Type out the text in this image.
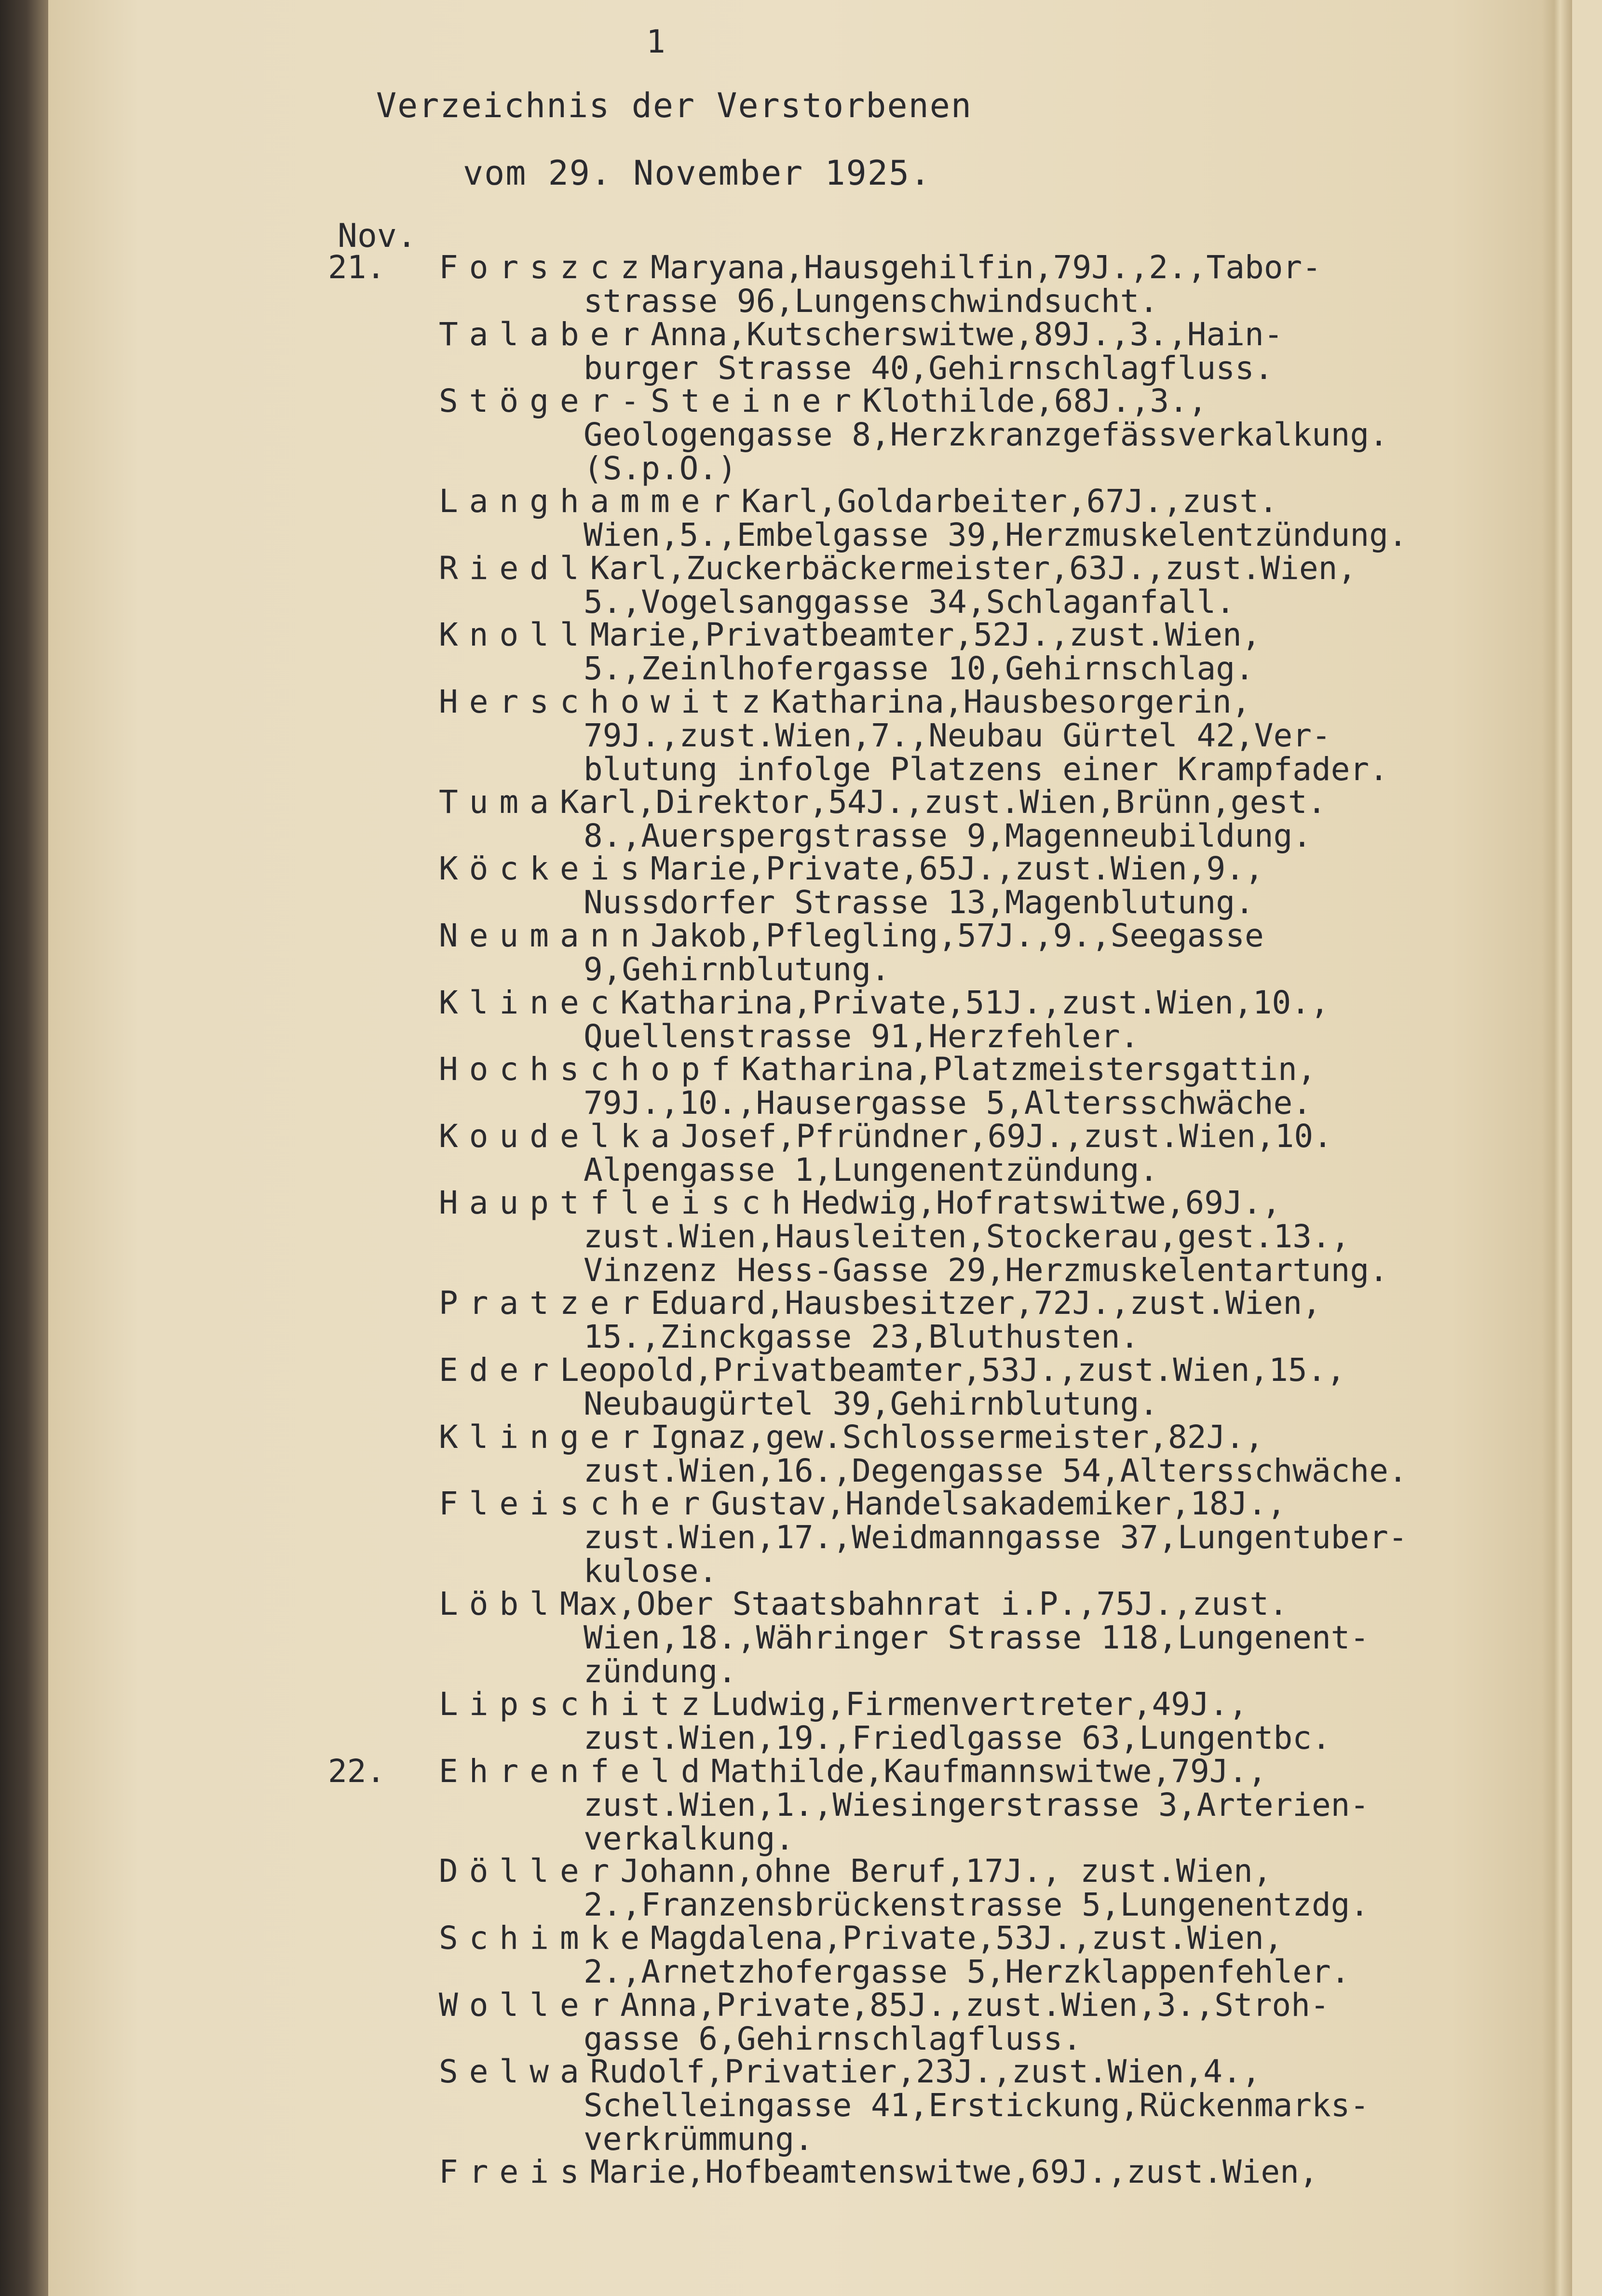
1
Verzeichnis der Verstorbenen
vom 29. November 1925.
Nov.
21.	ForszczMaryana,Hausgehilfin,79J.,2.,Tabor-
strasse 96,Lungenschwindsucht.
TalaberAnna,Kutscherswitwe,89J.,3.,Hain-
burger Strasse 40,Gehirnschlagfluss.
Stöger-SteinerKlothilde,68J.,3.,
Geologengasse 8,Herzkranzgefässverkalkung.
(S.p.O.)
LanghammerKarl,Goldarbeiter,67J.,zust.
Wien,5.,Embelgasse 39,Herzmuskelentzündung.
RiedlKarl,Zuckerbäckermeister,63J.,zust.Wien,
5.,Vogelsanggasse 34,Schlaganfall.
KnollMarie,Privatbeamter,52J.,zust.Wien,
5.,Zeinlhofergasse 10,Gehirnschlag.
HerschowitzKatharina,Hausbesorgerin,
79J.,zust.Wien,7.,Neubau Gürtel 42,Ver-
blutung infolge Platzens einer Krampfader.
TumaKarl,Direktor,54J.,zust.Wien,Brünn,gest.
8.,Auerspergstrasse 9,Magenneubildung.
KöckeisMarie,Private,65J.,zust.Wien,9.,
Nussdorfer Strasse 13,Magenblutung.
NeumannJakob,Pflegling,57J.,9.,Seegasse
9,Gehirnblutung.
KlinecKatharina,Private,51J.,zust.Wien,10.,
Quellenstrasse 91,Herzfehler.
HochschopfKatharina,Platzmeistersgattin,
79J.,10.,Hausergasse 5,Altersschwäche.
KoudelkaJosef,Pfründner,69J.,zust.Wien,10.
Alpengasse 1,Lungenentzündung.
HauptfleischHedwig,Hofratswitwe,69J.,
zust.Wien,Hausleiten,Stockerau,gest.13.,
Vinzenz Hess-Gasse 29,Herzmuskelentartung.
PratzerEduard,Hausbesitzer,72J.,zust.Wien,
15.,Zinckgasse 23,Bluthusten.
EderLeopold,Privatbeamter,53J.,zust.Wien,15.,
Neubaugürtel 39,Gehirnblutung.
KlingerIgnaz,gew.Schlossermeister,82J.,
zust.Wien,16.,Degengasse 54,Altersschwäche.
FleischerGustav,Handelsakademiker,18J.,
zust.Wien,17.,Weidmanngasse 37,Lungentuber-
kulose.
LöblMax,Ober Staatsbahnrat i.P.,75J.,zust.
Wien,18.,Währinger Strasse 118,Lungenent-
zündung.
LipschitzLudwig,Firmenvertreter,49J.,
zust.Wien,19.,Friedlgasse 63,Lungentbc.
22.	EhrenfeldMathilde,Kaufmannswitwe,79J.,
zust.Wien,1.,Wiesingerstrasse 3,Arterien-
verkalkung.
DöllerJohann,ohne Beruf,17J., zust.Wien,
2.,Franzensbrückenstrasse 5,Lungenentzdg.
SchimkeMagdalena,Private,53J.,zust.Wien,
2.,Arnetzhofergasse 5,Herzklappenfehler.
WollerAnna,Private,85J.,zust.Wien,3.,Stroh-
gasse 6,Gehirnschlagfluss.
SelwaRudolf,Privatier,23J.,zust.Wien,4.,
Schelleingasse 41,Erstickung,Rückenmarks-
verkrümmung.
FreisMarie,Hofbeamtenswitwe,69J.,zust.Wien,
